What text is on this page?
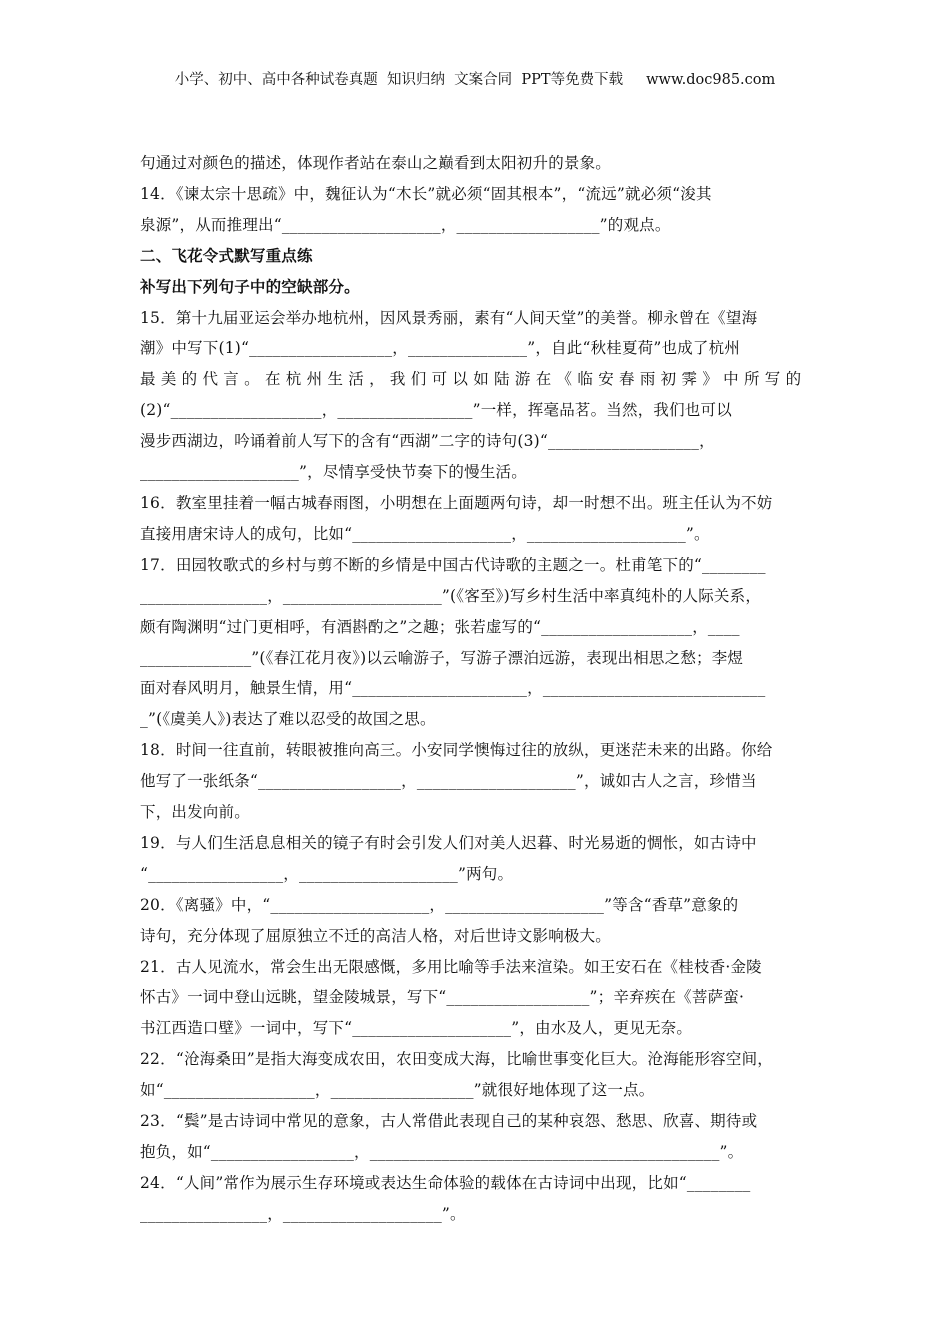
小学、初中、高中各种试卷真题  知识归纳  文案合同  PPT等免费下载     www.doc985.com

句通过对颜色的描述，体现作者站在泰山之巅看到太阳初升的景象。

14．《谏太宗十思疏》中，魏征认为“木长”就必须“固其根本”，“流远”就必须“浚其

泉源”，从而推理出“____________________，__________________”的观点。

二、飞花令式默写重点练

补写出下列句子中的空缺部分。

15．第十九届亚运会举办地杭州，因风景秀丽，素有“人间天堂”的美誉。柳永曾在《望海

潮》中写下(1)“__________________，_______________”，自此“秋桂夏荷”也成了杭州

最 美 的 代 言 。 在 杭 州 生 活 ， 我 们 可 以 如 陆 游 在 《 临 安 春 雨 初 霁 》 中 所 写 的

(2)“___________________，_________________”一样，挥毫品茗。当然，我们也可以

漫步西湖边，吟诵着前人写下的含有“西湖”二字的诗句(3)“___________________，

____________________”，尽情享受快节奏下的慢生活。

16．教室里挂着一幅古城春雨图，小明想在上面题两句诗，却一时想不出。班主任认为不妨

直接用唐宋诗人的成句，比如“____________________，____________________”。

17．田园牧歌式的乡村与剪不断的乡情是中国古代诗歌的主题之一。杜甫笔下的“________

________________，____________________”(《客至》)写乡村生活中率真纯朴的人际关系，

颇有陶渊明“过门更相呼，有酒斟酌之”之趣；张若虚写的“___________________，____

______________”(《春江花月夜》)以云喻游子，写游子漂泊远游，表现出相思之愁；李煜

面对春风明月，触景生情，用“______________________，____________________________

_”(《虞美人》)表达了难以忍受的故国之思。

18．时间一往直前，转眼被推向高三。小安同学懊悔过往的放纵，更迷茫未来的出路。你给

他写了一张纸条“__________________，____________________”，诚如古人之言，珍惜当

下，出发向前。

19．与人们生活息息相关的镜子有时会引发人们对美人迟暮、时光易逝的惆怅，如古诗中

“_________________，____________________”两句。

20．《离骚》中，“____________________，____________________”等含“香草”意象的

诗句，充分体现了屈原独立不迁的高洁人格，对后世诗文影响极大。

21．古人见流水，常会生出无限感慨，多用比喻等手法来渲染。如王安石在《桂枝香·金陵

怀古》一词中登山远眺，望金陵城景，写下“__________________”；辛弃疾在《菩萨蛮·

书江西造口壁》一词中，写下“____________________”，由水及人，更见无奈。

22．“沧海桑田”是指大海变成农田，农田变成大海，比喻世事变化巨大。沧海能形容空间，

如“___________________，__________________”就很好地体现了这一点。

23．“鬓”是古诗词中常见的意象，古人常借此表现自己的某种哀怨、愁思、欣喜、期待或

抱负，如“__________________，____________________________________________”。

24．“人间”常作为展示生存环境或表达生命体验的载体在古诗词中出现，比如“________

________________，____________________”。
